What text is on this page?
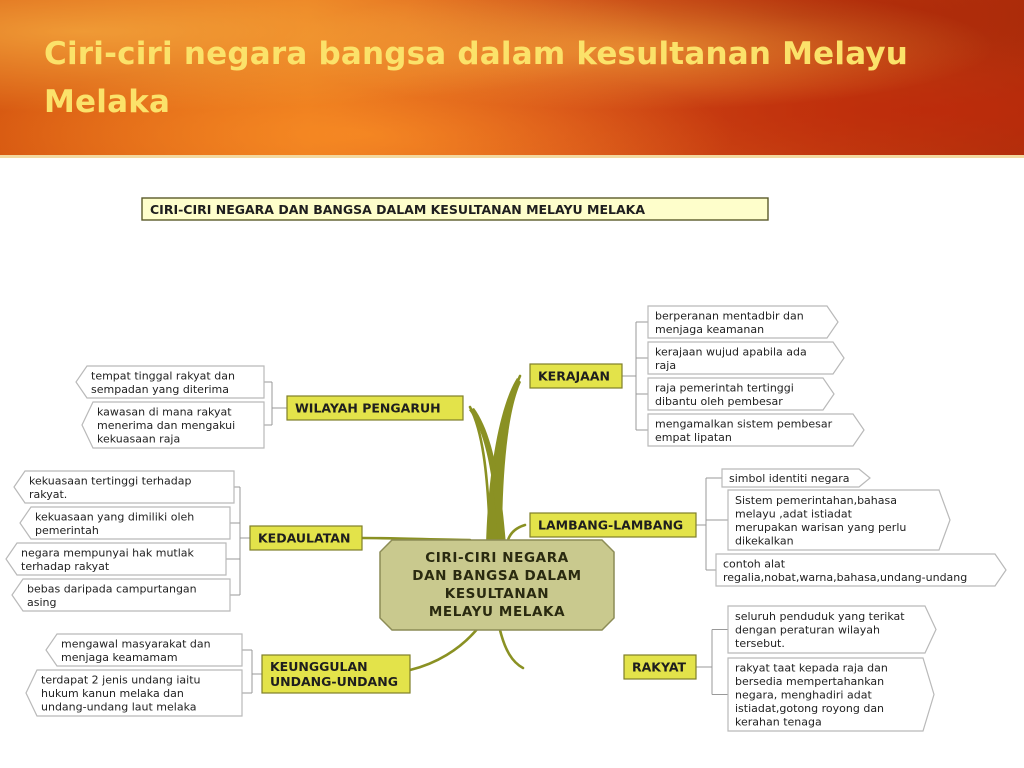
Ciri-ciri negara bangsa dalam kesultanan Melayu
Melaka
berperanan mentadbir dan menjaga keamanan
kerajaan wujud apabila ada raja
raja pemerintah tertinggi dibantu oleh pembesar
mengamalkan sistem pembesar empat lipatan
simbol identiti negara
Sistem pemerintahan,bahasa melayu ,adat istiadat merupakan warisan yang perlu dikekalkan
contoh alat regalia,nobat,warna,bahasa,undang-undang
seluruh penduduk yang terikat dengan peraturan wilayah tersebut.
rakyat taat kepada raja dan bersedia mempertahankan negara, menghadiri adat istiadat,gotong royong dan kerahan tenaga
tempat tinggal rakyat dan sempadan yang diterima
kawasan di mana rakyat menerima dan mengakui kekuasaan raja
kekuasaan tertinggi terhadap rakyat.
kekuasaan yang dimiliki oleh pemerintah
negara mempunyai hak mutlak terhadap rakyat
bebas daripada campurtangan asing
mengawal masyarakat dan menjaga keamamam
terdapat 2 jenis undang iaitu hukum kanun melaka dan undang-undang laut melaka
KERAJAAN
WILAYAH PENGARUH
LAMBANG-LAMBANG
KEDAULATAN
RAKYAT
KEUNGGULAN UNDANG-UNDANG
CIRI-CIRI NEGARA DAN BANGSA DALAM KESULTANAN MELAYU MELAKA
CIRI-CIRI NEGARA DAN BANGSA DALAM KESULTANAN MELAYU MELAKA
